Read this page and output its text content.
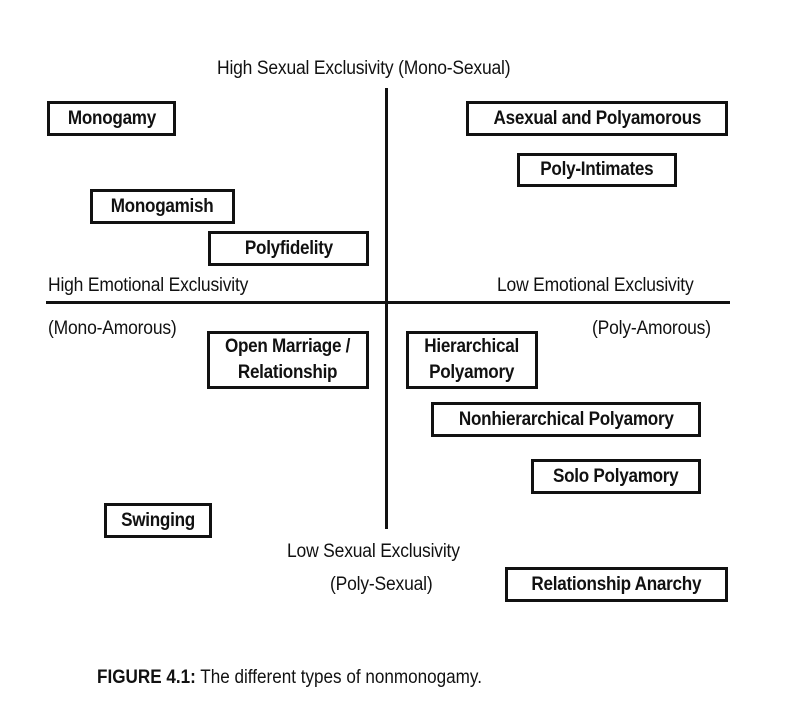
High Sexual Exclusivity (Mono-Sexual)
Low Sexual Exclusivity
(Poly-Sexual)
High Emotional Exclusivity
(Mono-Amorous)
Low Emotional Exclusivity
(Poly-Amorous)
Monogamy	Asexual and Polyamorous
Poly-Intimates
Monogamish
Polyfidelity
Open Marriage /
Relationship
Hierarchical
Polyamory
Nonhierarchical Polyamory
Solo Polyamory
Swinging
Relationship Anarchy
FIGURE 4.1: The different types of nonmonogamy.
